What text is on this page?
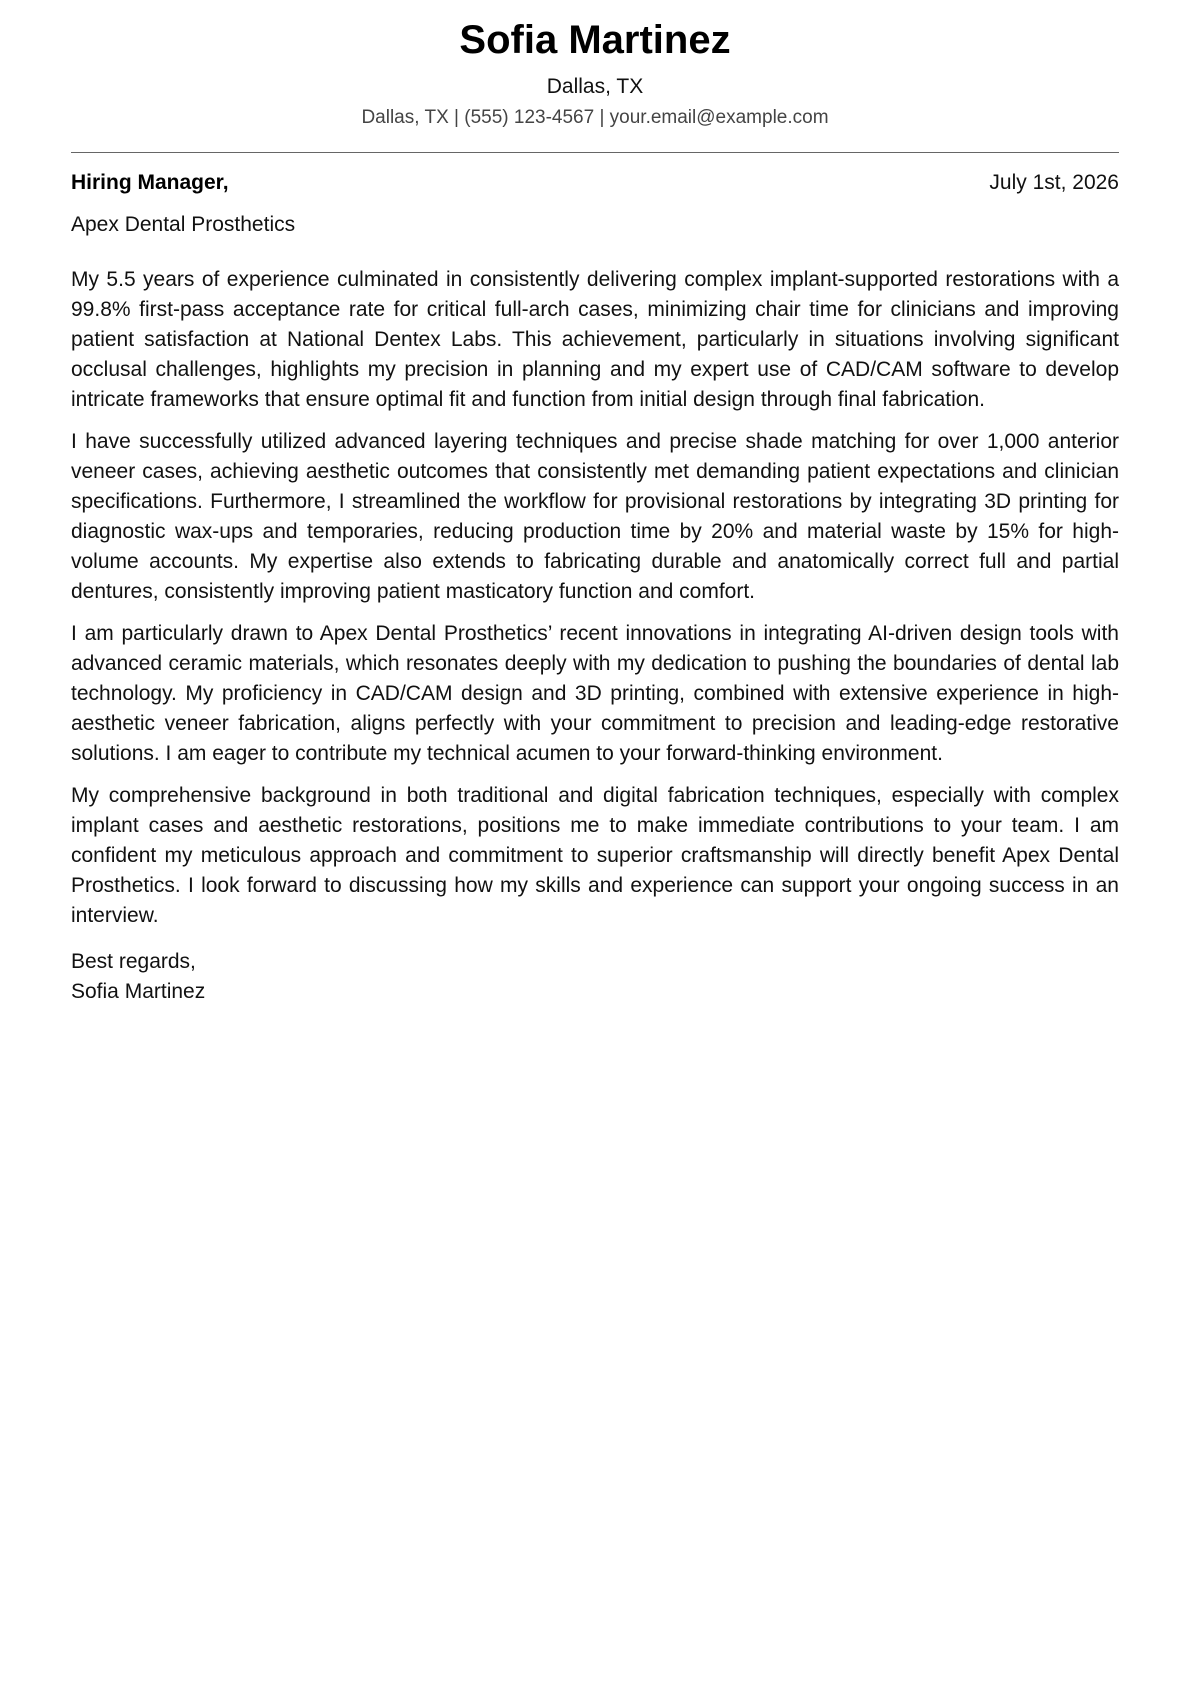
Sofia Martinez
Dallas, TX
Dallas, TX | (555) 123-4567 | your.email@example.com
Hiring Manager,	July 1st, 2026
Apex Dental Prosthetics

My 5.5 years of experience culminated in consistently delivering complex implant-supported restorations with a 99.8% first-pass acceptance rate for critical full-arch cases, minimizing chair time for clinicians and improving patient satisfaction at National Dentex Labs. This achievement, particularly in situations involving significant occlusal challenges, highlights my precision in planning and my expert use of CAD/CAM software to develop intricate frameworks that ensure optimal fit and function from initial design through final fabrication.

I have successfully utilized advanced layering techniques and precise shade matching for over 1,000 anterior veneer cases, achieving aesthetic outcomes that consistently met demanding patient expectations and clinician specifications. Furthermore, I streamlined the workflow for provisional restorations by integrating 3D printing for diagnostic wax-ups and temporaries, reducing production time by 20% and material waste by 15% for high-volume accounts. My expertise also extends to fabricating durable and anatomically correct full and partial dentures, consistently improving patient masticatory function and comfort.

I am particularly drawn to Apex Dental Prosthetics’ recent innovations in integrating AI-driven design tools with advanced ceramic materials, which resonates deeply with my dedication to pushing the boundaries of dental lab technology. My proficiency in CAD/CAM design and 3D printing, combined with extensive experience in high-aesthetic veneer fabrication, aligns perfectly with your commitment to precision and leading-edge restorative solutions. I am eager to contribute my technical acumen to your forward-thinking environment.

My comprehensive background in both traditional and digital fabrication techniques, especially with complex implant cases and aesthetic restorations, positions me to make immediate contributions to your team. I am confident my meticulous approach and commitment to superior craftsmanship will directly benefit Apex Dental Prosthetics. I look forward to discussing how my skills and experience can support your ongoing success in an interview.

Best regards,
Sofia Martinez
